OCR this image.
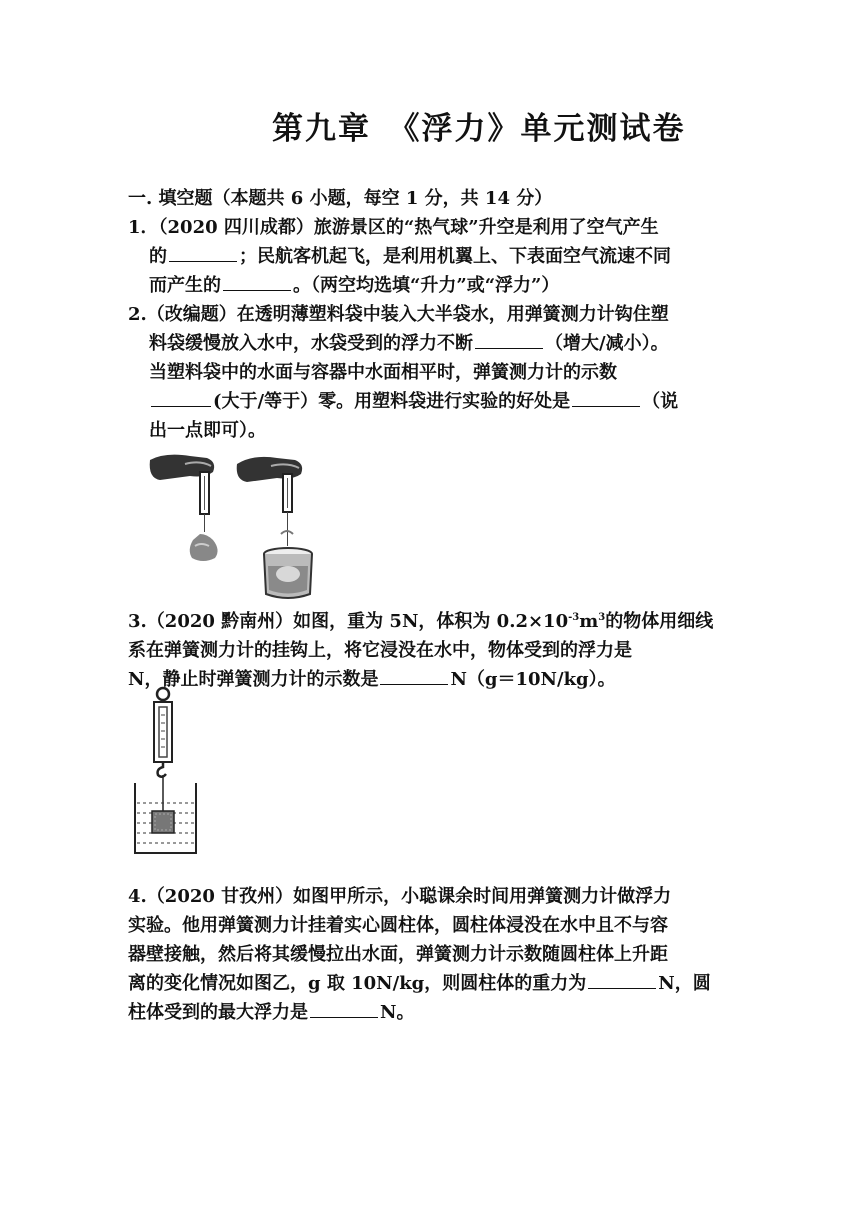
第九章　《浮力》单元测试卷
一. 填空题（本题共 6 小题，每空 1 分，共 14 分）
1．（2020 四川成都）旅游景区的“热气球”升空是利用了空气产生
的	；民航客机起飞，是利用机翼上、下表面空气流速不同
而产生的	。（两空均选填“升力”或“浮力”）
2.（改编题）在透明薄塑料袋中装入大半袋水，用弹簧测力计钩住塑
料袋缓慢放入水中，水袋受到的浮力不断	（增大/减小）。
当塑料袋中的水面与容器中水面相平时，弹簧测力计的示数
(大于/等于）零。用塑料袋进行实验的好处是	（说
出一点即可）。
3.（2020 黔南州）如图，重为 5N，体积为 $0.2\times 10^{-3}m^3$的物体用细线
系在弹簧测力计的挂钩上，将它浸没在水中，物体受到的浮力是
N，静止时弹簧测力计的示数是	N（g＝10N/kg）。
4.（2020 甘孜州）如图甲所示，小聪课余时间用弹簧测力计做浮力
实验。他用弹簧测力计挂着实心圆柱体，圆柱体浸没在水中且不与容
器壁接触，然后将其缓慢拉出水面，弹簧测力计示数随圆柱体上升距
离的变化情况如图乙，g 取 10N/kg，则圆柱体的重力为	N，圆
柱体受到的最大浮力是	N。
